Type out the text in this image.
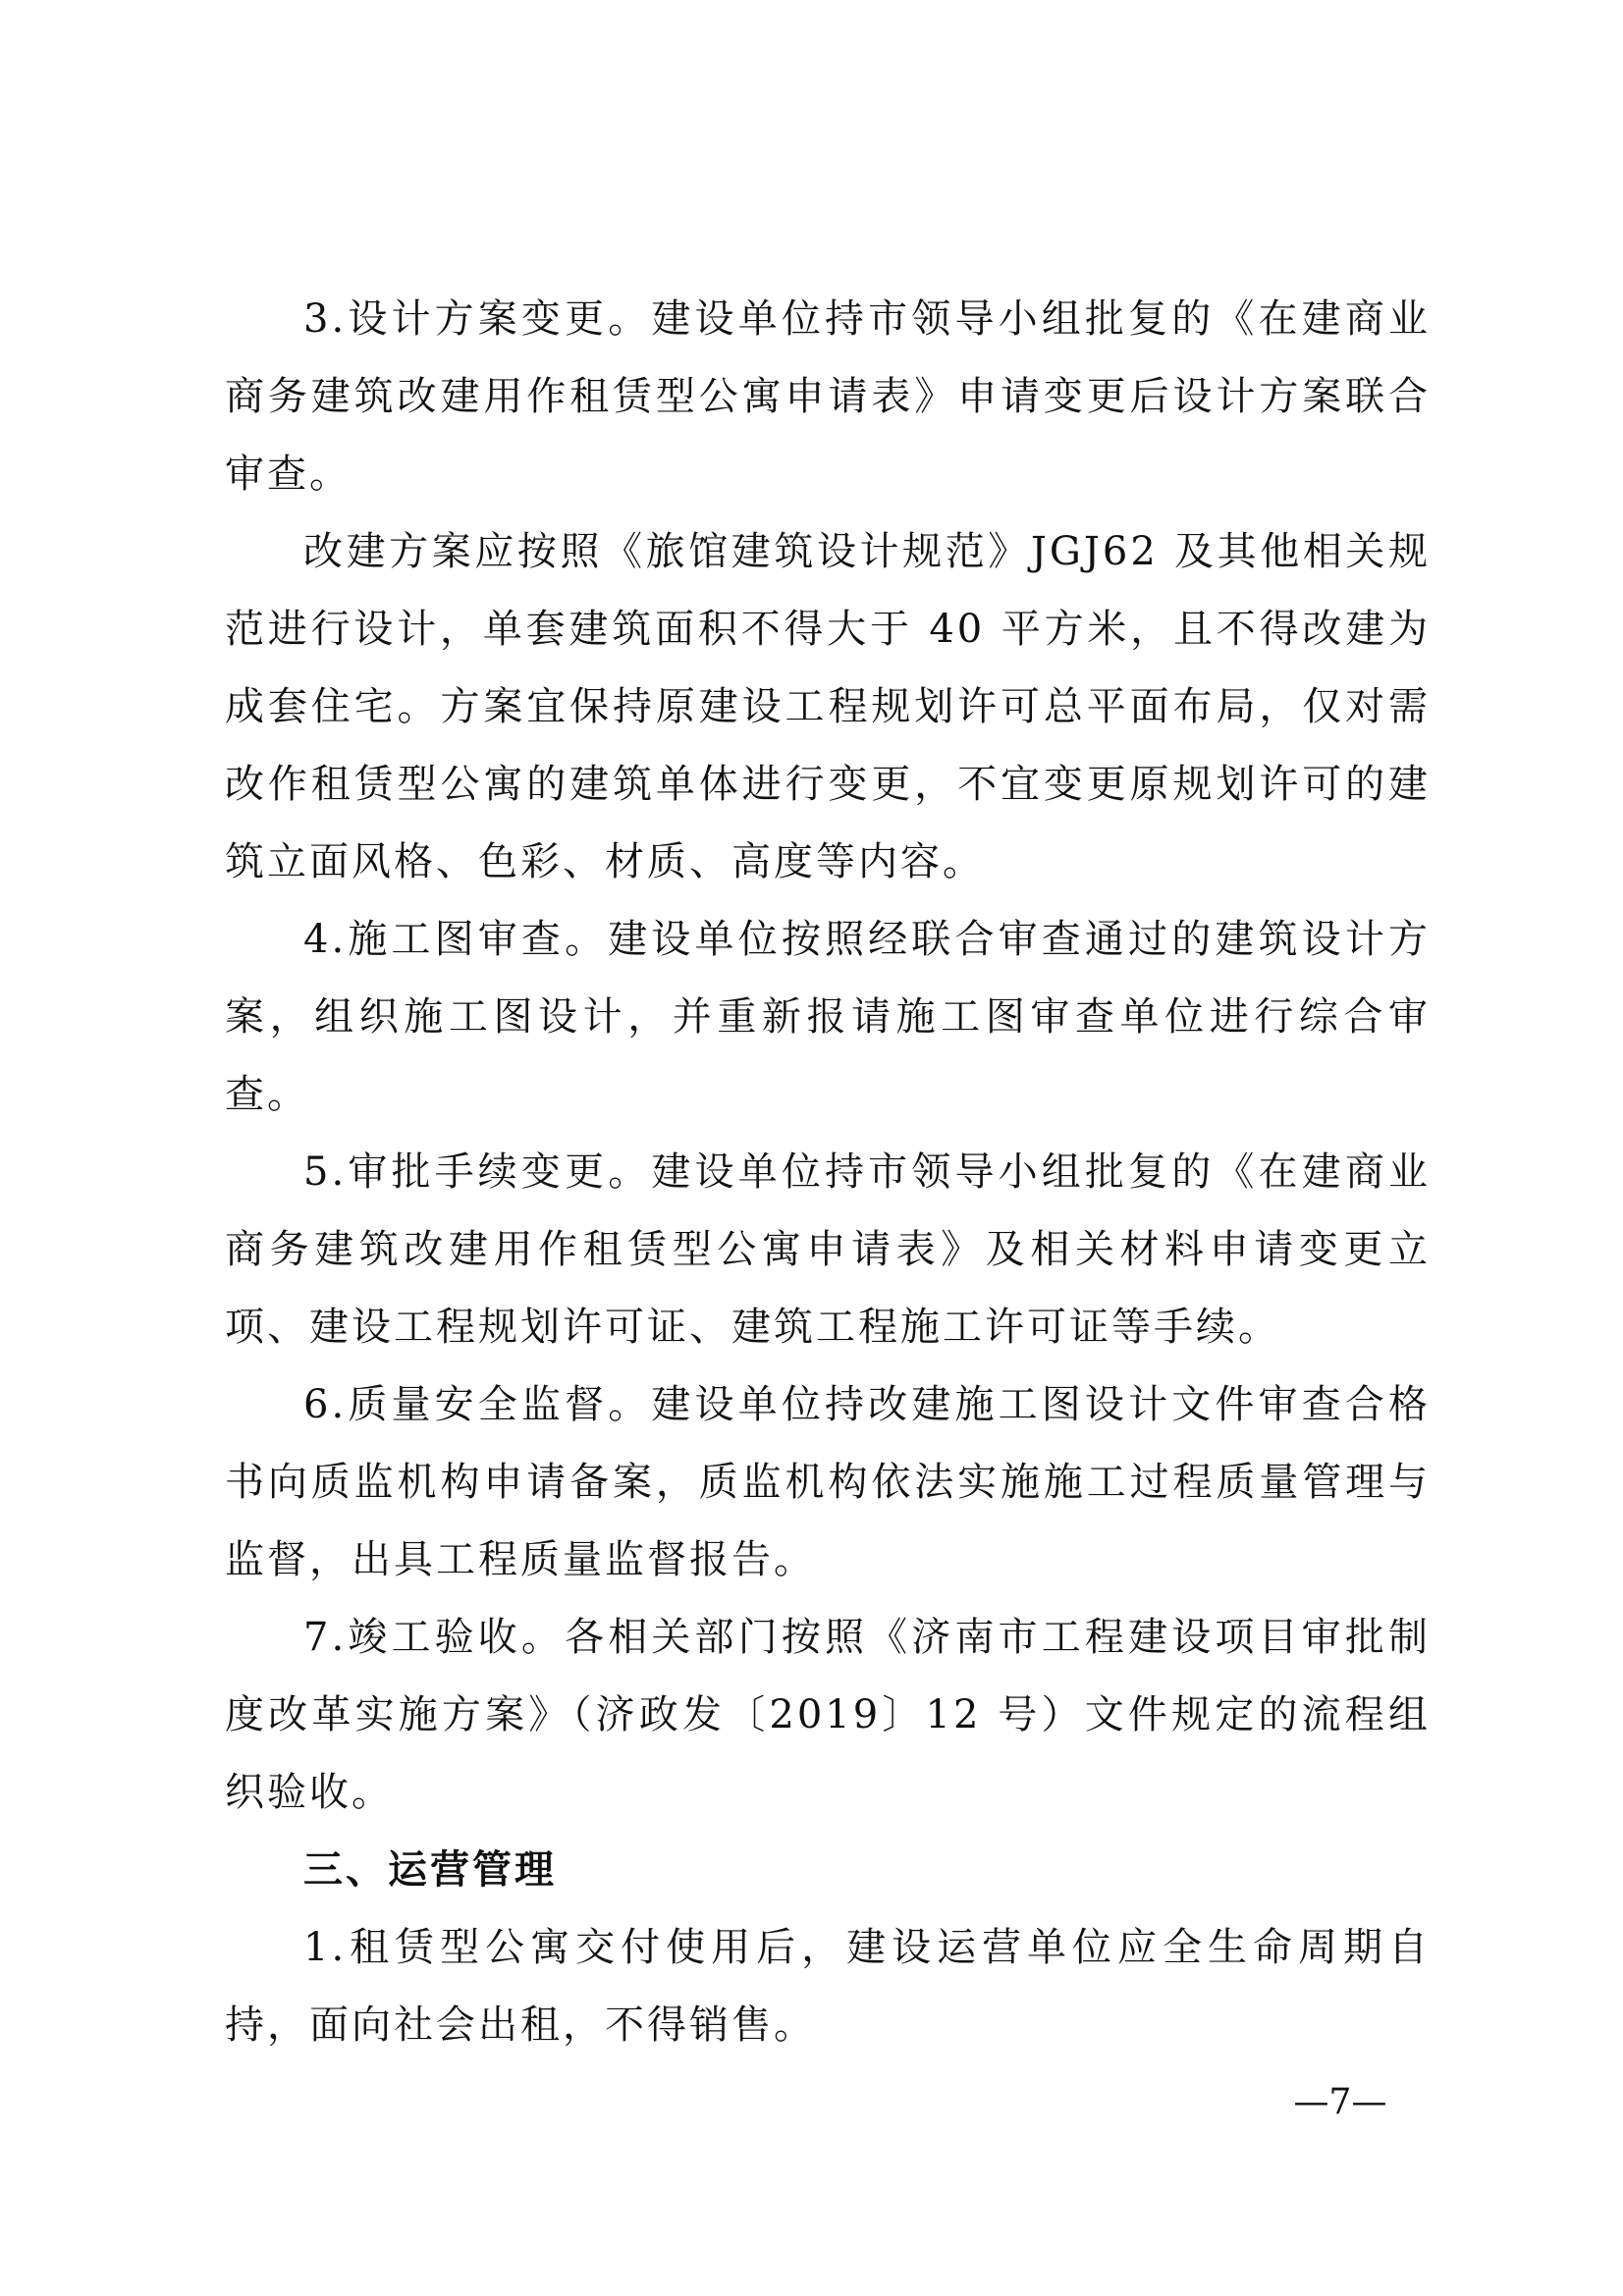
3.设计方案变更。建设单位持市领导小组批复的《在建商业商务建筑改建用作租赁型公寓申请表》申请变更后设计方案联合审查。

改建方案应按照《旅馆建筑设计规范》JGJ62 及其他相关规范进行设计，单套建筑面积不得大于 40 平方米，且不得改建为成套住宅。方案宜保持原建设工程规划许可总平面布局，仅对需改作租赁型公寓的建筑单体进行变更，不宜变更原规划许可的建筑立面风格、色彩、材质、高度等内容。

4.施工图审查。建设单位按照经联合审查通过的建筑设计方案，组织施工图设计，并重新报请施工图审查单位进行综合审查。

5.审批手续变更。建设单位持市领导小组批复的《在建商业商务建筑改建用作租赁型公寓申请表》及相关材料申请变更立项、建设工程规划许可证、建筑工程施工许可证等手续。

6.质量安全监督。建设单位持改建施工图设计文件审查合格书向质监机构申请备案，质监机构依法实施施工过程质量管理与监督，出具工程质量监督报告。

7.竣工验收。各相关部门按照《济南市工程建设项目审批制度改革实施方案》（济政发〔2019〕12 号）文件规定的流程组织验收。

三、运营管理

1.租赁型公寓交付使用后，建设运营单位应全生命周期自持，面向社会出租，不得销售。

—7—
